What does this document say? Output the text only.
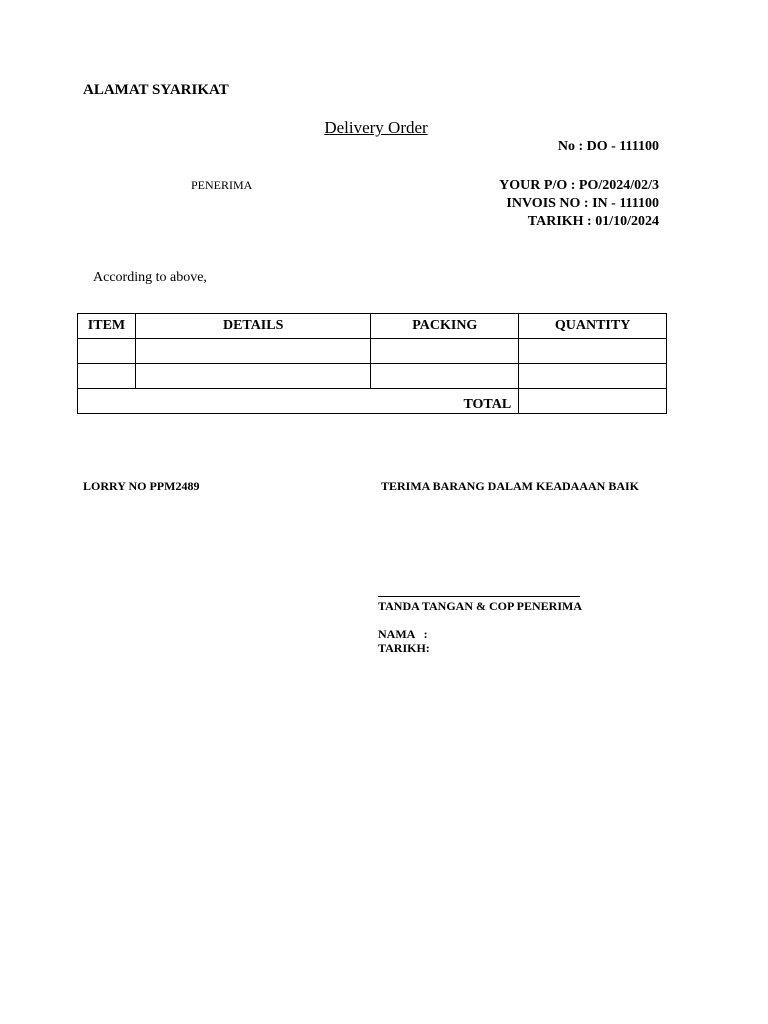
ALAMAT SYARIKAT
Delivery Order
No : DO - 111100
PENERIMA	YOUR P/O : PO/2024/02/3
INVOIS NO : IN - 111100
TARIKH : 01/10/2024
According to above,
ITEM	DETAILS	PACKING	QUANTITY

TOTAL			
LORRY NO PPM2489	TERIMA BARANG DALAM KEADAAAN BAIK
TANDA TANGAN & COP PENERIMA
NAMA   :
TARIKH:
